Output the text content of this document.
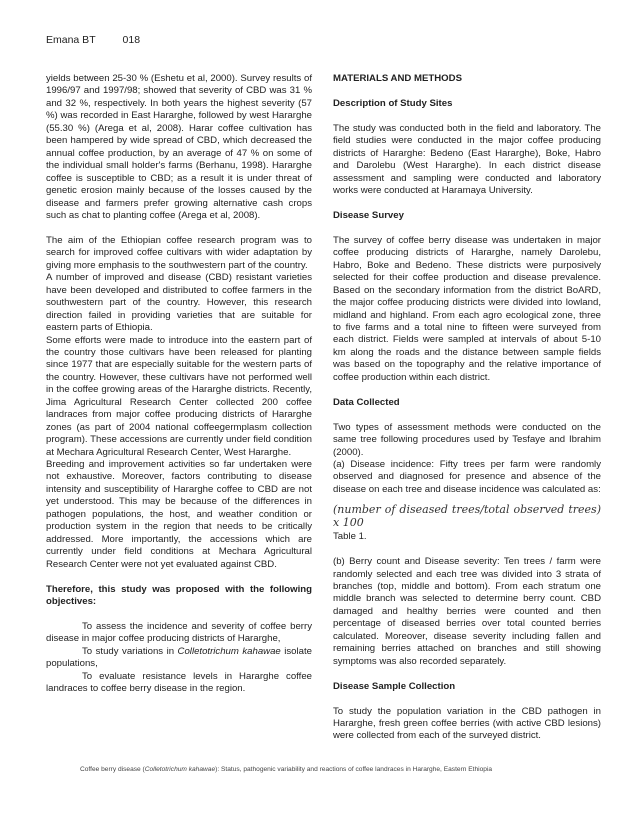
Emana BT	018

yields between 25-30 % (Eshetu et al, 2000). Survey results of 1996/97 and 1997/98; showed that severity of CBD was 31 % and 32 %, respectively. In both years the highest severity (57 %) was recorded in East Hararghe, followed by west Hararghe (55.30 %) (Arega et al, 2008). Harar coffee cultivation has been hampered by wide spread of CBD, which decreased the annual coffee production, by an average of 47 % on some of the individual small holder's farms (Berhanu, 1998). Hararghe coffee is susceptible to CBD; as a result it is under threat of genetic erosion mainly because of the losses caused by the disease and farmers prefer growing alternative cash crops such as chat to planting coffee (Arega et al, 2008).

The aim of the Ethiopian coffee research program was to search for improved coffee cultivars with wider adaptation by giving more emphasis to the southwestern part of the country.

A number of improved and disease (CBD) resistant varieties have been developed and distributed to coffee farmers in the southwestern part of the country. However, this research direction failed in providing varieties that are suitable for eastern parts of Ethiopia.

Some efforts were made to introduce into the eastern part of the country those cultivars have been released for planting since 1977 that are especially suitable for the western parts of the country. However, these cultivars have not performed well in the coffee growing areas of the Hararghe districts. Recently, Jima Agricultural Research Center collected 200 coffee landraces from major coffee producing districts of Hararghe zones (as part of 2004 national coffeegermplasm collection program). These accessions are currently under field condition at Mechara Agricultural Research Center, West Hararghe.

Breeding and improvement activities so far undertaken were not exhaustive. Moreover, factors contributing to disease intensity and susceptibility of Hararghe coffee to CBD are not yet understood. This may be because of the differences in pathogen populations, the host, and weather condition or production system in the region that needs to be critically addressed. More importantly, the accessions which are currently under field conditions at Mechara Agricultural Research Center were not yet evaluated against CBD.

Therefore, this study was proposed with the following objectives:

To assess the incidence and severity of coffee berry disease in major coffee producing districts of Hararghe,

To study variations in Colletotrichum kahawae isolate populations,

To evaluate resistance levels in Hararghe coffee landraces to coffee berry disease in the region.

MATERIALS AND METHODS

Description of Study Sites

The study was conducted both in the field and laboratory. The field studies were conducted in the major coffee producing districts of Hararghe: Bedeno (East Hararghe), Boke, Habro and Darolebu (West Hararghe). In each district disease assessment and sampling were conducted and laboratory works were conducted at Haramaya University.

Disease Survey

The survey of coffee berry disease was undertaken in major coffee producing districts of Hararghe, namely Darolebu, Habro, Boke and Bedeno. These districts were purposively selected for their coffee production and disease prevalence. Based on the secondary information from the district BoARD, the major coffee producing districts were divided into lowland, midland and highland. From each agro ecological zone, three to five farms and a total nine to fifteen were surveyed from each district. Fields were sampled at intervals of about 5-10 km along the roads and the distance between sample fields was based on the topography and the relative importance of coffee production within each district.

Data Collected

Two types of assessment methods were conducted on the same tree following procedures used by Tesfaye and Ibrahim (2000).

(a) Disease incidence: Fifty trees per farm were randomly observed and diagnosed for presence and absence of the disease on each tree and disease incidence was calculated as:

(number of diseased trees/total observed trees) x 100

Table 1.

(b) Berry count and Disease severity: Ten trees / farm were randomly selected and each tree was divided into 3 strata of branches (top, middle and bottom). From each stratum one middle branch was selected to determine berry count. CBD damaged and healthy berries were counted and then percentage of diseased berries over total counted berries calculated. Moreover, disease severity including fallen and remaining berries attached on branches and still showing symptoms was also recorded separately.

Disease Sample Collection

To study the population variation in the CBD pathogen in Hararghe, fresh green coffee berries (with active CBD lesions) were collected from each of the surveyed district.

Coffee berry disease (Colletotrichum kahawae): Status, pathogenic variability and reactions of coffee landraces in Hararghe, Eastern Ethiopia
